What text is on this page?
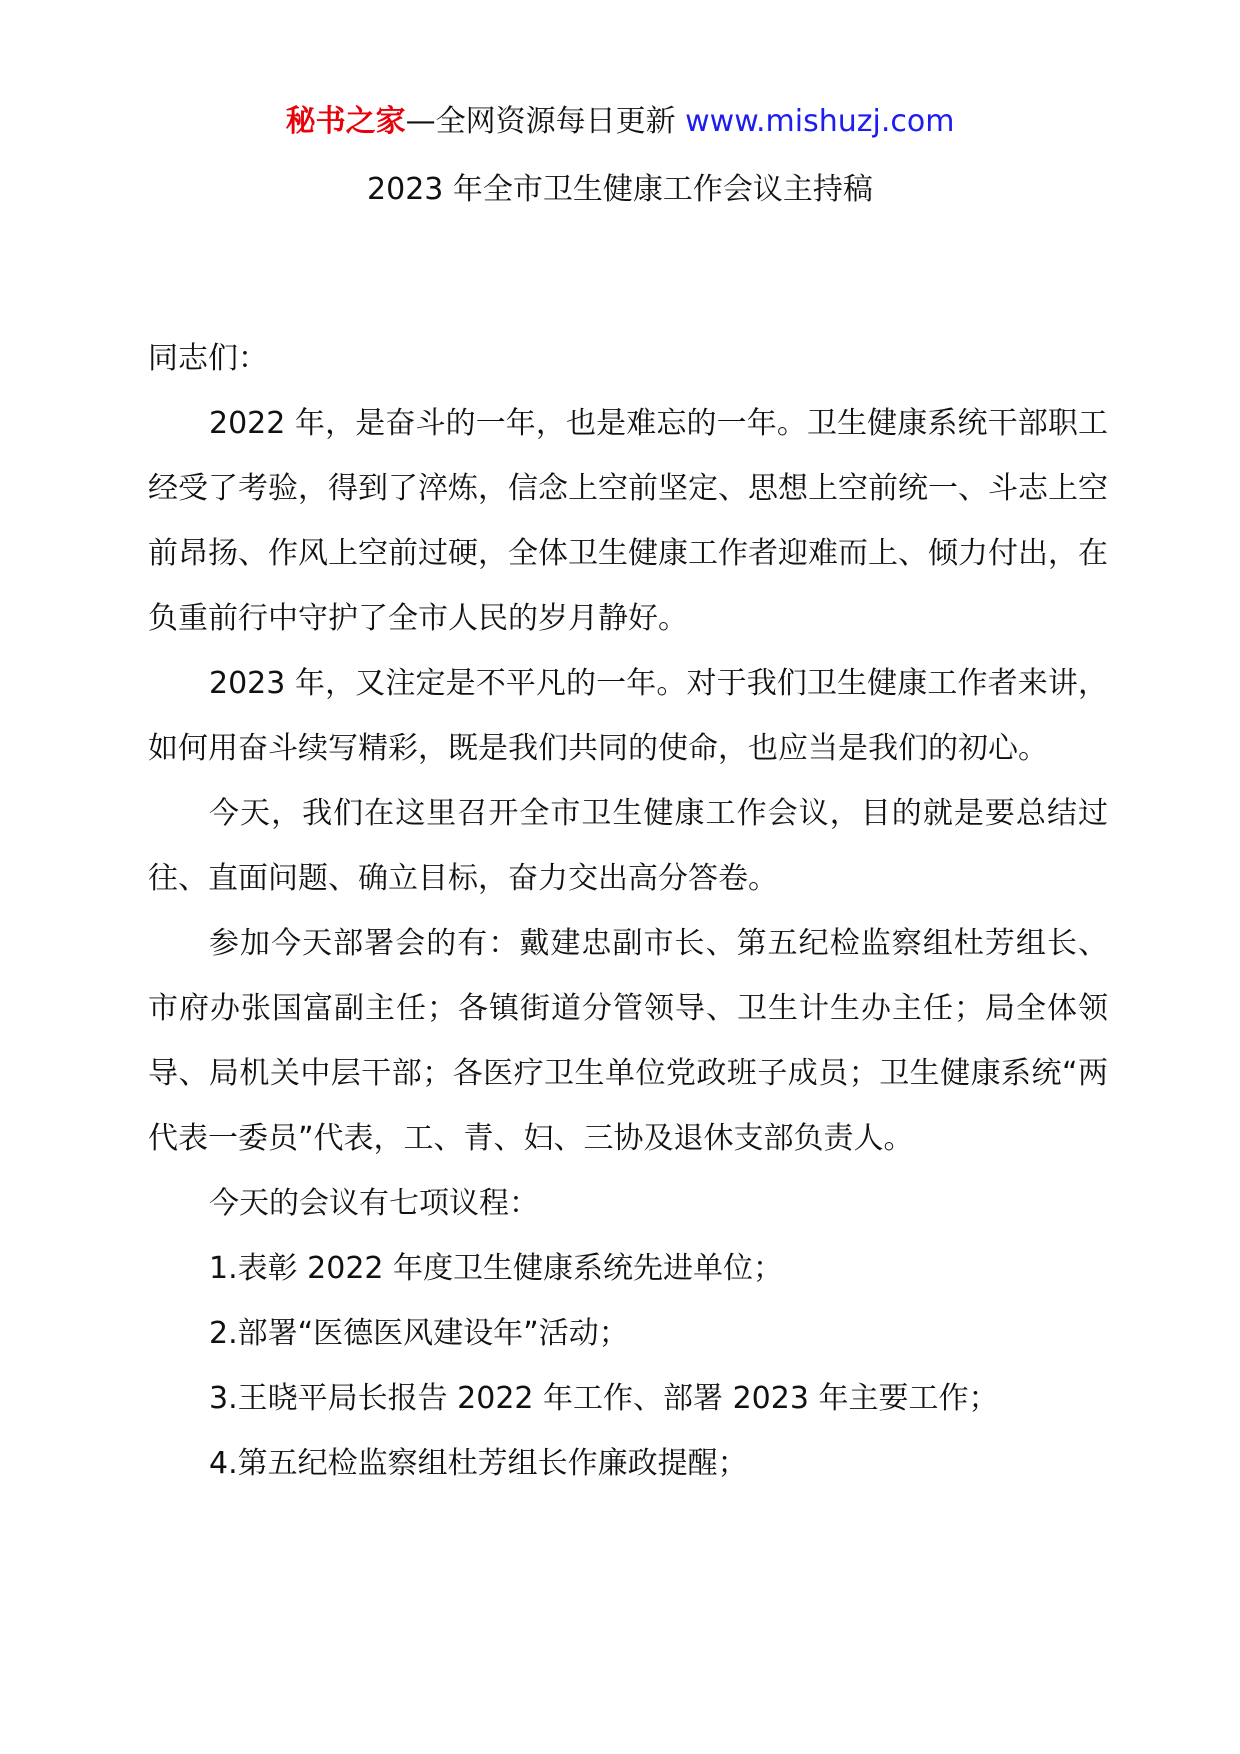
秘书之家—全网资源每日更新 www.mishuzj.com
2023 年全市卫生健康工作会议主持稿

同志们：

2022 年，是奋斗的一年，也是难忘的一年。卫生健康系统干部职工经受了考验，得到了淬炼，信念上空前坚定、思想上空前统一、斗志上空前昂扬、作风上空前过硬，全体卫生健康工作者迎难而上、倾力付出，在负重前行中守护了全市人民的岁月静好。

2023 年，又注定是不平凡的一年。对于我们卫生健康工作者来讲，如何用奋斗续写精彩，既是我们共同的使命，也应当是我们的初心。

今天，我们在这里召开全市卫生健康工作会议，目的就是要总结过往、直面问题、确立目标，奋力交出高分答卷。

参加今天部署会的有：戴建忠副市长、第五纪检监察组杜芳组长、市府办张国富副主任；各镇街道分管领导、卫生计生办主任；局全体领导、局机关中层干部；各医疗卫生单位党政班子成员；卫生健康系统“两代表一委员”代表，工、青、妇、三协及退休支部负责人。

今天的会议有七项议程：

1.表彰 2022 年度卫生健康系统先进单位；

2.部署“医德医风建设年”活动；

3.王晓平局长报告 2022 年工作、部署 2023 年主要工作；

4.第五纪检监察组杜芳组长作廉政提醒；
